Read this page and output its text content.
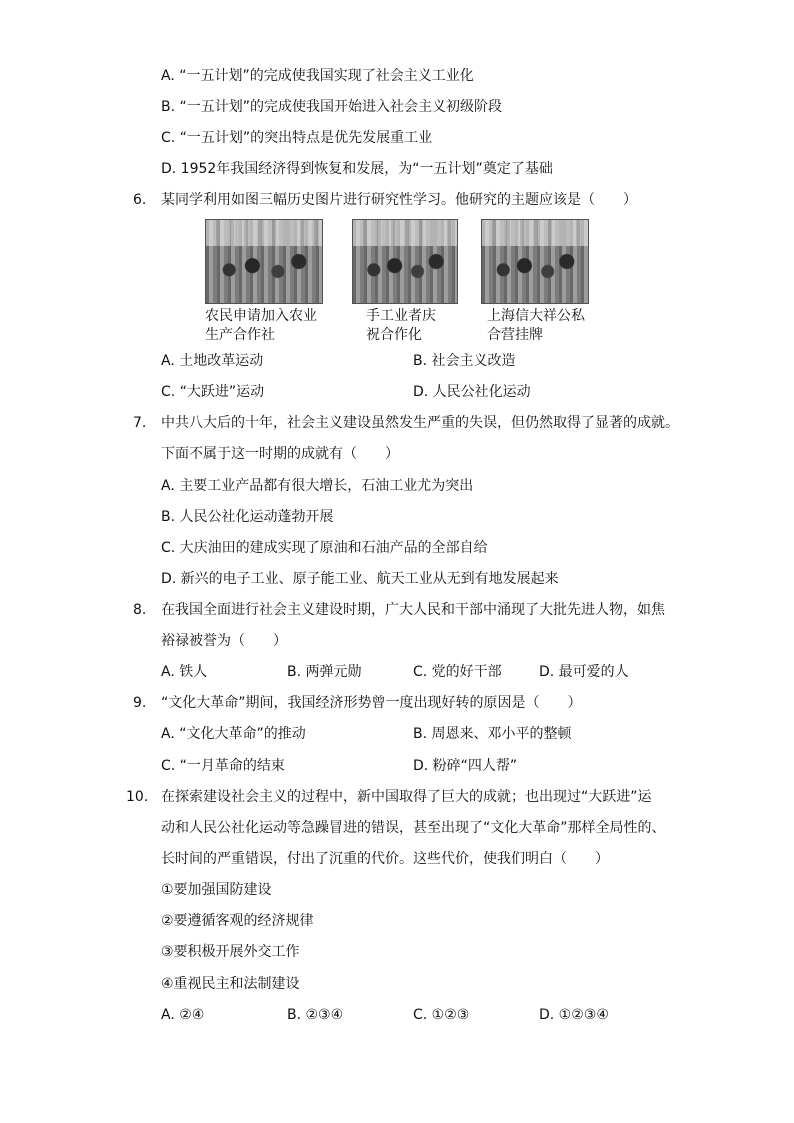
A. “一五计划”的完成使我国实现了社会主义工业化
B. “一五计划”的完成使我国开始进入社会主义初级阶段
C. “一五计划”的突出特点是优先发展重工业
D. 1952年我国经济得到恢复和发展，为“一五计划”奠定了基础
6. 某同学利用如图三幅历史图片进行研究性学习。他研究的主题应该是（　　）
农民申请加入农业
生产合作社
手工业者庆
祝合作化
上海信大祥公私
合营挂牌
A. 土地改革运动	B. 社会主义改造
C. “大跃进”运动	D. 人民公社化运动
7. 中共八大后的十年，社会主义建设虽然发生严重的失误，但仍然取得了显著的成就。
下面不属于这一时期的成就有（　　）
A. 主要工业产品都有很大增长，石油工业尤为突出
B. 人民公社化运动蓬勃开展
C. 大庆油田的建成实现了原油和石油产品的全部自给
D. 新兴的电子工业、原子能工业、航天工业从无到有地发展起来
8. 在我国全面进行社会主义建设时期，广大人民和干部中涌现了大批先进人物，如焦
裕禄被誉为（　　）
A. 铁人	B. 两弹元勋	C. 党的好干部	D. 最可爱的人
9. “文化大革命”期间，我国经济形势曾一度出现好转的原因是（　　）
A. “文化大革命”的推动	B. 周恩来、邓小平的整顿
C. “一月革命的结束	D. 粉碎“四人帮”
10. 在探索建设社会主义的过程中，新中国取得了巨大的成就；也出现过“大跃进”运
动和人民公社化运动等急躁冒进的错误，甚至出现了“文化大革命”那样全局性的、
长时间的严重错误，付出了沉重的代价。这些代价，使我们明白（　　）
①要加强国防建设
②要遵循客观的经济规律
③要积极开展外交工作
④重视民主和法制建设
A. ②④	B. ②③④	C. ①②③	D. ①②③④
